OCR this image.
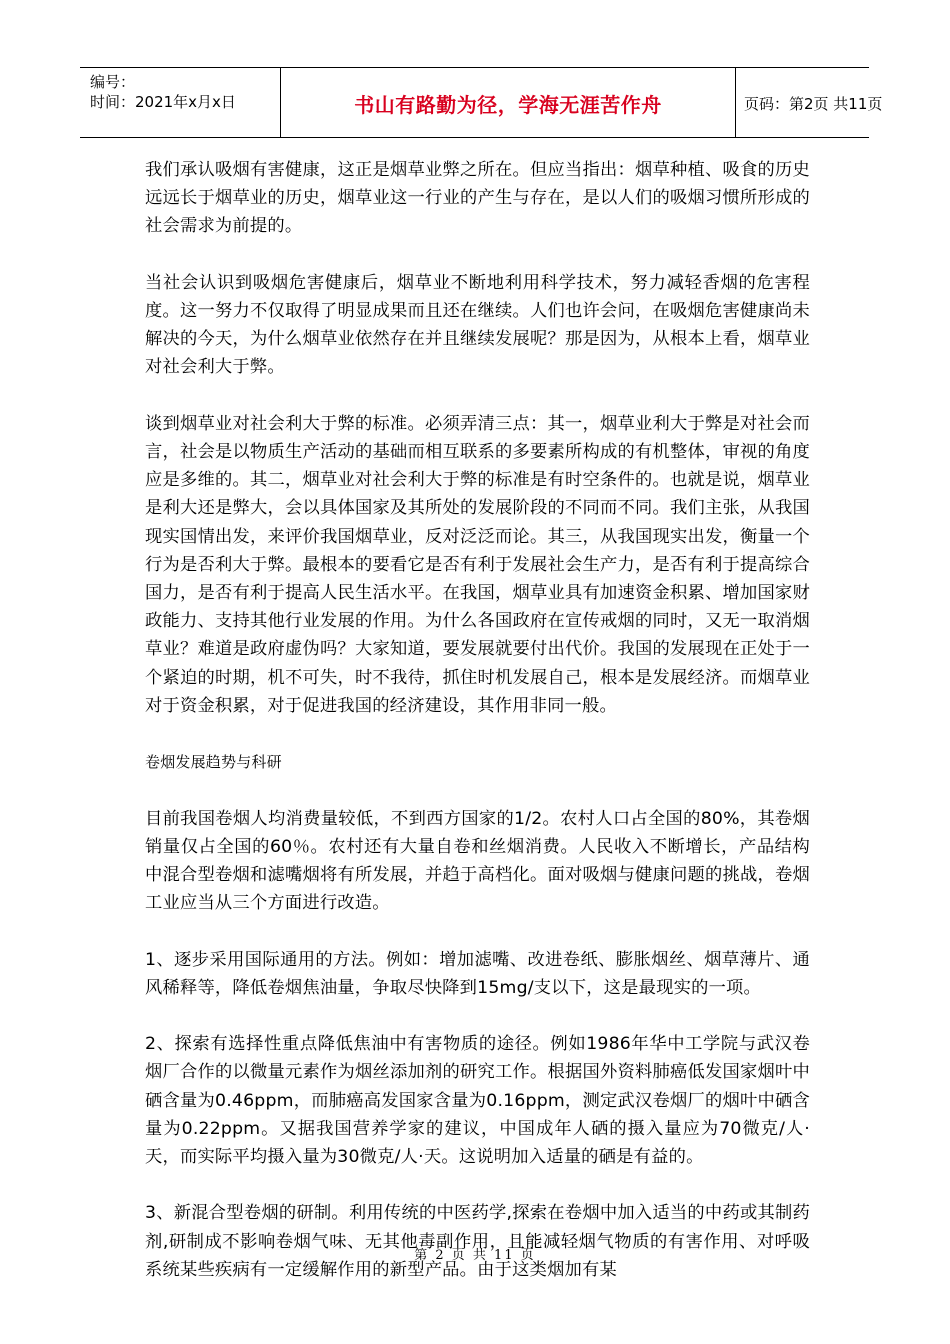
编号：
时间：2021年x月x日	书山有路勤为径，学海无涯苦作舟	页码：第2页 共11页

我们承认吸烟有害健康，这正是烟草业弊之所在。但应当指出：烟草种植、吸食的历史远远长于烟草业的历史，烟草业这一行业的产生与存在，是以人们的吸烟习惯所形成的社会需求为前提的。

当社会认识到吸烟危害健康后，烟草业不断地利用科学技术，努力减轻香烟的危害程度。这一努力不仅取得了明显成果而且还在继续。人们也许会问，在吸烟危害健康尚未解决的今天，为什么烟草业依然存在并且继续发展呢？那是因为，从根本上看，烟草业对社会利大于弊。

谈到烟草业对社会利大于弊的标准。必须弄清三点：其一，烟草业利大于弊是对社会而言，社会是以物质生产活动的基础而相互联系的多要素所构成的有机整体，审视的角度应是多维的。其二，烟草业对社会利大于弊的标准是有时空条件的。也就是说，烟草业是利大还是弊大，会以具体国家及其所处的发展阶段的不同而不同。我们主张，从我国现实国情出发，来评价我国烟草业，反对泛泛而论。其三，从我国现实出发，衡量一个行为是否利大于弊。最根本的要看它是否有利于发展社会生产力，是否有利于提高综合国力，是否有利于提高人民生活水平。在我国，烟草业具有加速资金积累、增加国家财政能力、支持其他行业发展的作用。为什么各国政府在宣传戒烟的同时，又无一取消烟草业？难道是政府虚伪吗？大家知道，要发展就要付出代价。我国的发展现在正处于一个紧迫的时期，机不可失，时不我待，抓住时机发展自己，根本是发展经济。而烟草业对于资金积累，对于促进我国的经济建设，其作用非同一般。

卷烟发展趋势与科研

目前我国卷烟人均消费量较低，不到西方国家的1/2。农村人口占全国的80%，其卷烟销量仅占全国的60％。农村还有大量自卷和丝烟消费。人民收入不断增长，产品结构中混合型卷烟和滤嘴烟将有所发展，并趋于高档化。面对吸烟与健康问题的挑战，卷烟工业应当从三个方面进行改造。

1、逐步采用国际通用的方法。例如：增加滤嘴、改进卷纸、膨胀烟丝、烟草薄片、通风稀释等，降低卷烟焦油量，争取尽快降到15mg/支以下，这是最现实的一项。

2、探索有选择性重点降低焦油中有害物质的途径。例如1986年华中工学院与武汉卷烟厂合作的以微量元素作为烟丝添加剂的研究工作。根据国外资料肺癌低发国家烟叶中硒含量为0.46ppm，而肺癌高发国家含量为0.16ppm，测定武汉卷烟厂的烟叶中硒含量为0.22ppm。又据我国营养学家的建议，中国成年人硒的摄入量应为70微克/人·天，而实际平均摄入量为30微克/人·天。这说明加入适量的硒是有益的。

3、新混合型卷烟的研制。利用传统的中医药学,探索在卷烟中加入适当的中药或其制药剂,研制成不影响卷烟气味、无其他毒副作用，且能减轻烟气物质的有害作用、对呼吸系统某些疾病有一定缓解作用的新型产品。由于这类烟加有某

第 2 页 共 11 页
